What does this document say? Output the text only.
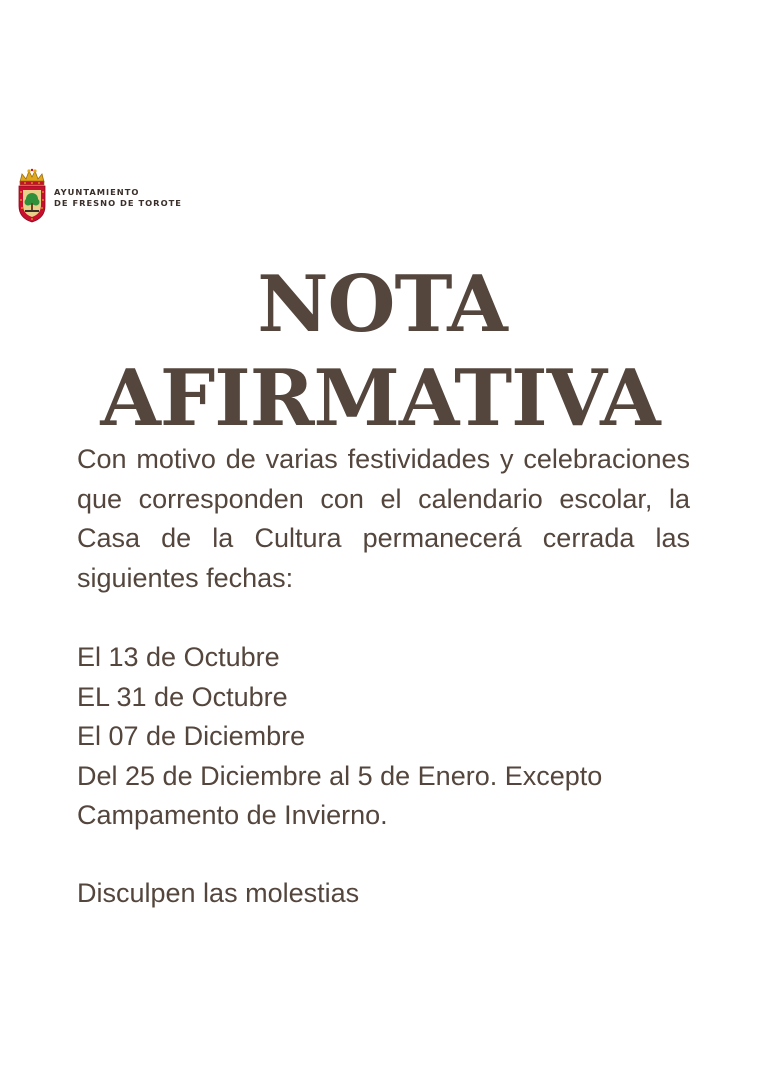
AYUNTAMIENTO
DE FRESNO DE TOROTE
NOTA
AFIRMATIVA

Con motivo de varias festividades y celebraciones que corresponden con el calendario escolar, la Casa de la Cultura permanecerá cerrada las siguientes fechas:

El 13 de Octubre
EL 31 de Octubre
El 07 de Diciembre
Del 25 de Diciembre al 5 de Enero. Excepto Campamento de Invierno.

Disculpen las molestias
